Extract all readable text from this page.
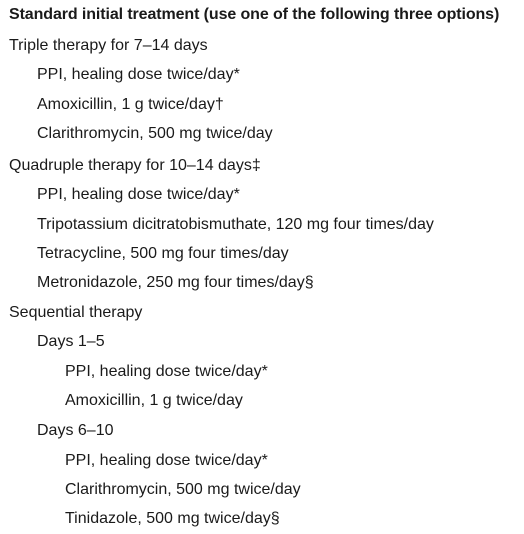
Standard initial treatment (use one of the following three options)
Triple therapy for 7–14 days
PPI, healing dose twice/day*
Amoxicillin, 1 g twice/day†
Clarithromycin, 500 mg twice/day
Quadruple therapy for 10–14 days‡
PPI, healing dose twice/day*
Tripotassium dicitratobismuthate, 120 mg four times/day
Tetracycline, 500 mg four times/day
Metronidazole, 250 mg four times/day§
Sequential therapy
Days 1–5
PPI, healing dose twice/day*
Amoxicillin, 1 g twice/day
Days 6–10
PPI, healing dose twice/day*
Clarithromycin, 500 mg twice/day
Tinidazole, 500 mg twice/day§
